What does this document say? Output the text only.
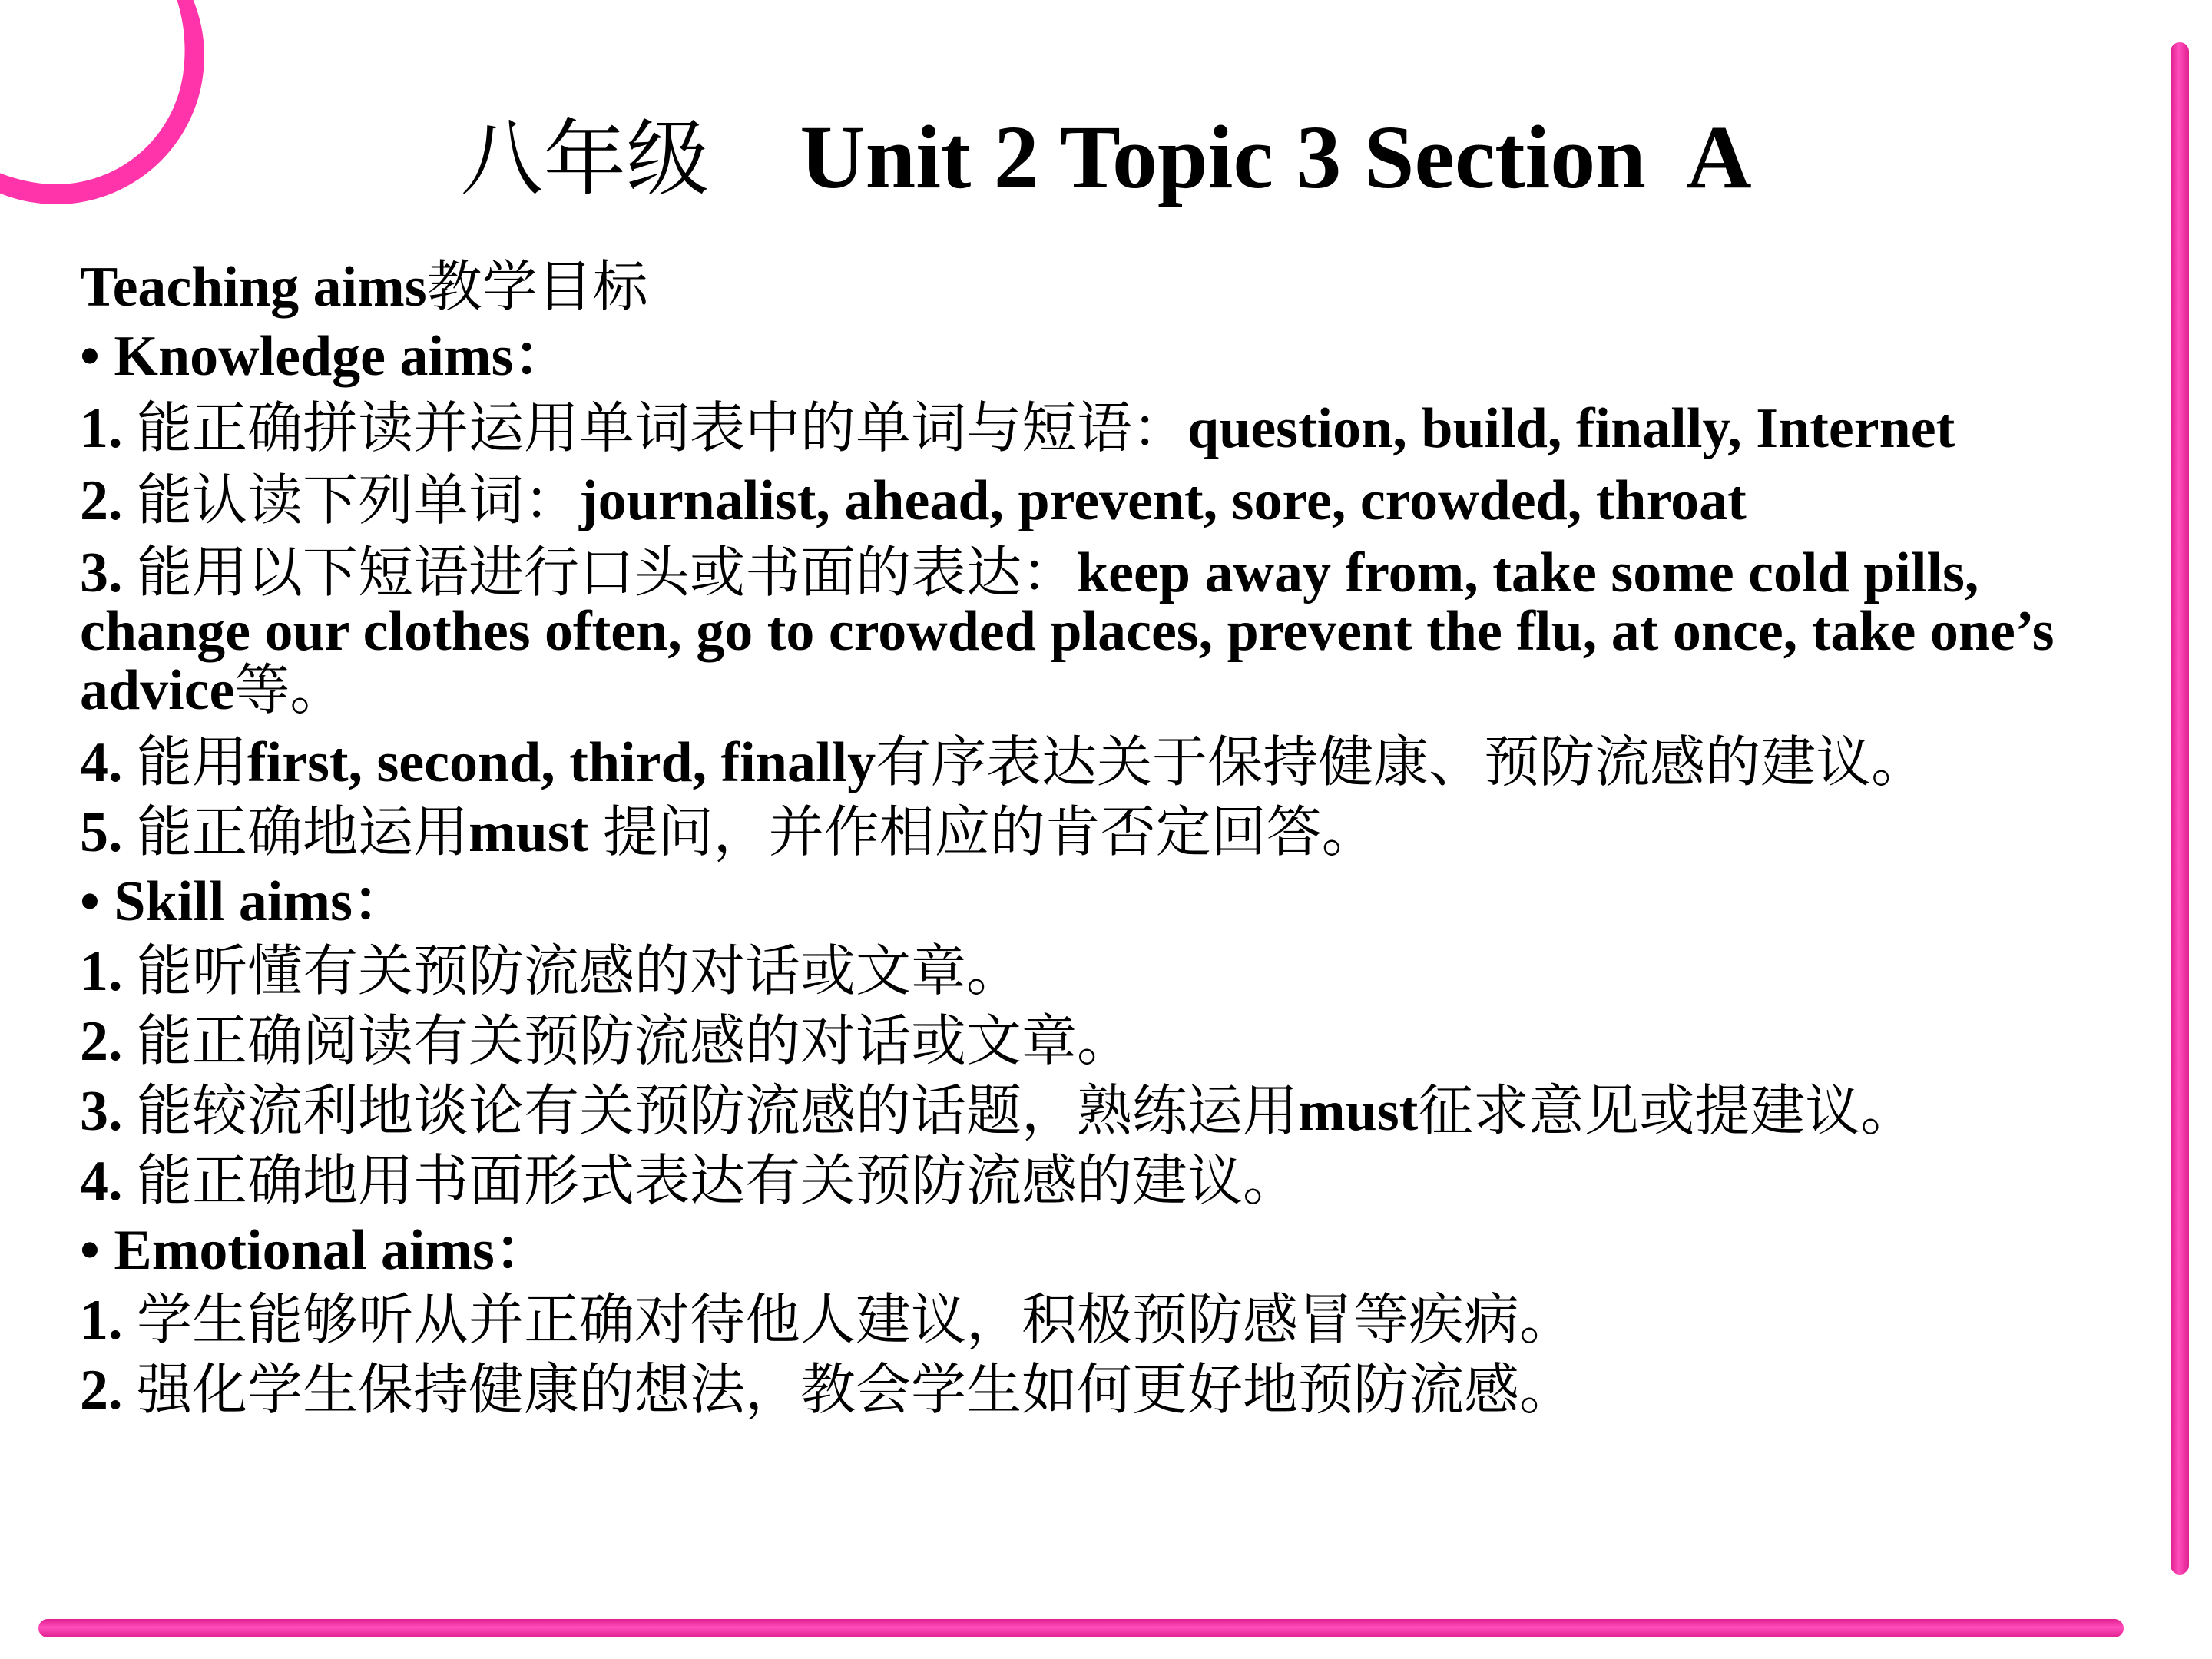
八年级 Unit 2 Topic 3 Section  A

Teaching aims教学目标

• Knowledge aims：

1. 能正确拼读并运用单词表中的单词与短语：question, build, finally, Internet

2. 能认读下列单词：journalist, ahead, prevent, sore, crowded, throat

3. 能用以下短语进行口头或书面的表达：keep away from, take some cold pills, change our clothes often, go to crowded places, prevent the flu, at once, take one’s advice等。

4. 能用first, second, third, finally有序表达关于保持健康、预防流感的建议。

5. 能正确地运用must 提问，并作相应的肯否定回答。

• Skill aims：

1. 能听懂有关预防流感的对话或文章。

2. 能正确阅读有关预防流感的对话或文章。

3. 能较流利地谈论有关预防流感的话题，熟练运用must征求意见或提建议。

4. 能正确地用书面形式表达有关预防流感的建议。

• Emotional aims：

1. 学生能够听从并正确对待他人建议，积极预防感冒等疾病。

2. 强化学生保持健康的想法，教会学生如何更好地预防流感。
